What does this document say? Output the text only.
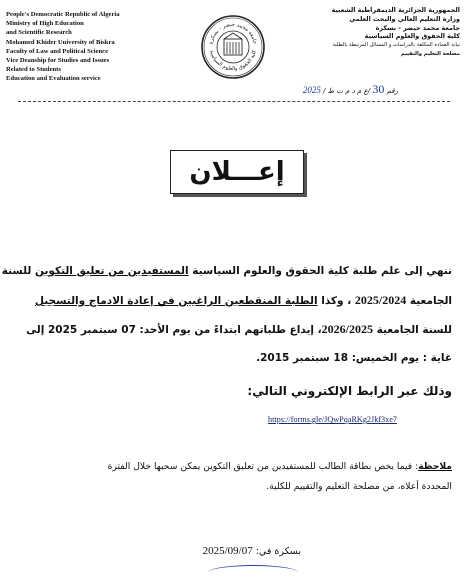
People's Democratic Republic of Algeria
Ministry of High Education
and Scientific Research
Mohamed Khider University of Biskra
Faculty of Law and Political Science
Vice Deanship for Studies and Issues
Related to Students
Education and Evaluation service
جامعة محمد خيضر - بسكرة
كلية الحقوق والعلوم السياسية
الجمهورية الجزائرية الديمقراطية الشعبية
وزارة التعليم العالي والبحث العلمي
جامعة محمد خيضر - بسكرة
كلية الحقوق والعلوم السياسية
نيابة العمادة المكلفة بالدراسات و المسائل المرتبطة بالطلبة
مصلحة التعليم والتقييم
رقم 30 /ع م د م ت ط / 2025
إعـــلان
ننهي إلى علم طلبة كلية الحقوق والعلوم السياسية المستفيدين من تعليق التكوين للسنة
الجامعية 2025/2024 ، وكذا الطلبة المنقطعين الراغبين في إعادة الادماج والتسجيل
للسنة الجامعية 2026/2025، إيداع طلباتهم ابتداءً من يوم الأحد: 07 سبتمبر 2025 إلى
غاية : يوم الخميس: 18 سبتمبر 2015.
وذلك عبر الرابط الإلكتروني التالي:
https://forms.gle/JQwPqaRKg2Jkf3xe7
ملاحظة: فيما يخص بطاقة الطالب للمستفيدين من تعليق التكوين يمكن سحبها خلال الفترة
المحددة أعلاه، من مصلحة التعليم والتقييم للكلية.
بسكرة في: 2025/09/07
